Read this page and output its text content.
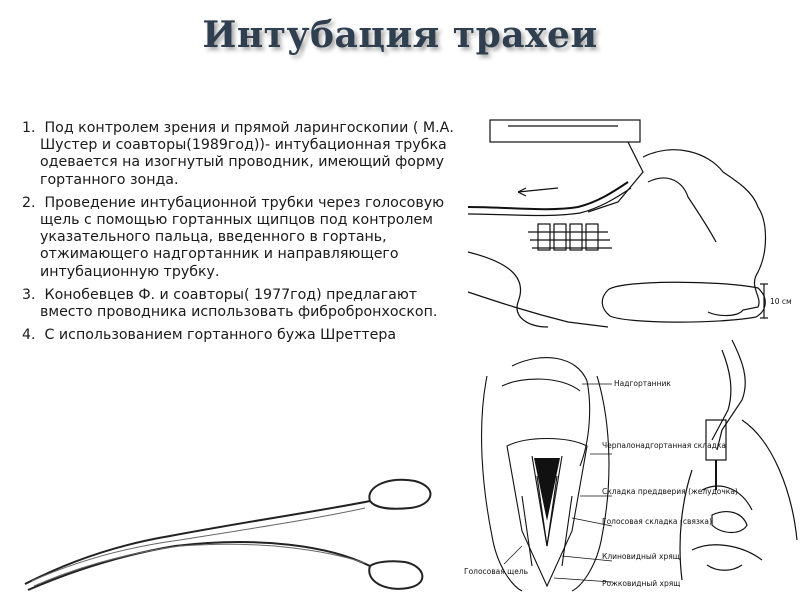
Интубация трахеи
1. Под контролем зрения и прямой ларингоскопии ( М.А. Шустер и соавторы(1989год))- интубационная трубка одевается на изогнутый проводник, имеющий форму гортанного зонда.
2. Проведение интубационной трубки через голосовую щель с помощью гортанных щипцов под контролем указательного пальца, введенного в гортань, отжимающего надгортанник и направляющего интубационную трубку.
3. Конобевцев Ф. и соавторы( 1977год) предлагают вместо проводника использовать фибробронхоскоп.
4. С использованием гортанного бужа Шреттера
10 см
Надгортанник
Черпалонадгортанная складка
Складка преддверия (желудочка)
Голосовая складка (связка)
Клиновидный хрящ
Рожковидный хрящ
Голосовая щель
